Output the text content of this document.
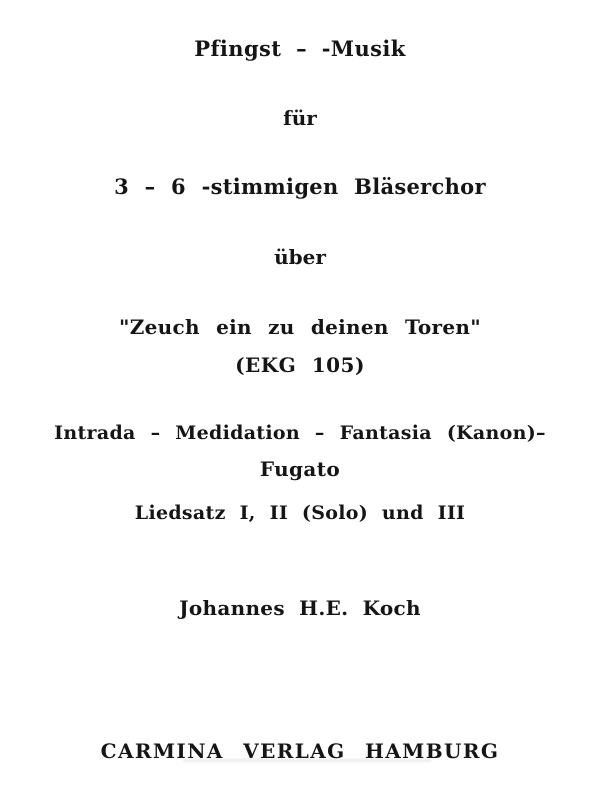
Pfingst – -Musik
für
3 – 6 -stimmigen Bläserchor
über
"Zeuch ein zu deinen Toren"
(EKG 105)
Intrada – Medidation – Fantasia (Kanon)–
Fugato
Liedsatz I, II (Solo) und III
Johannes H.E. Koch
CARMINA VERLAG HAMBURG
